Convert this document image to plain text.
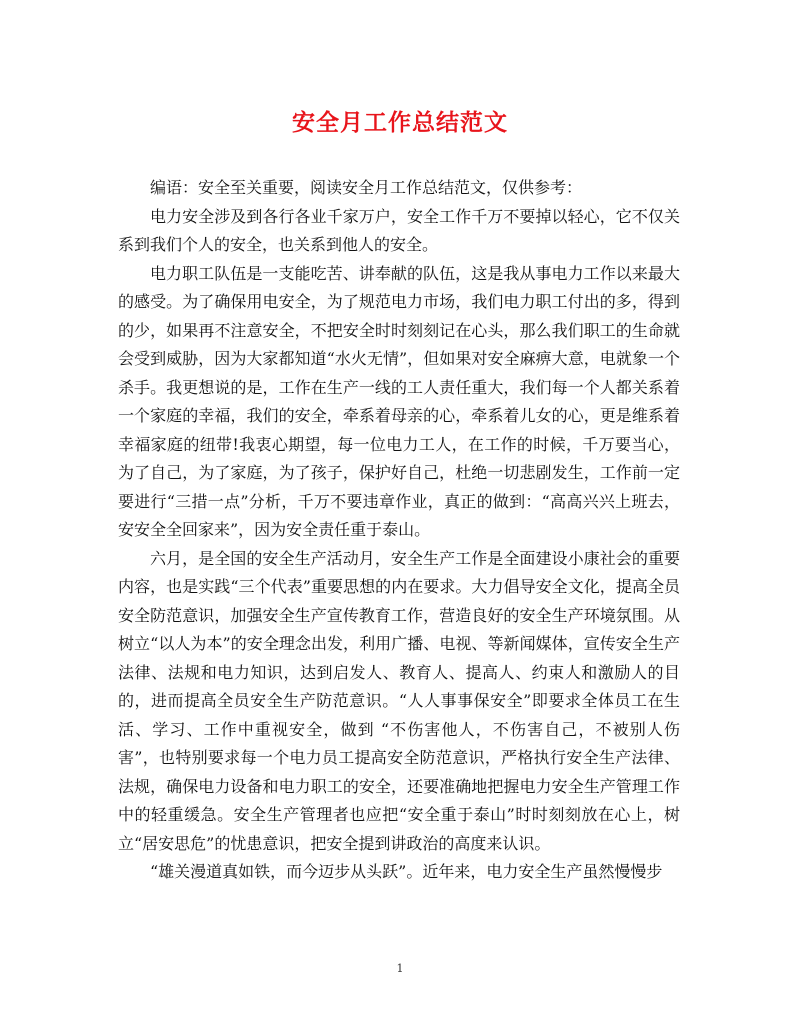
安全月工作总结范文

编语：安全至关重要，阅读安全月工作总结范文，仅供参考：

电力安全涉及到各行各业千家万户，安全工作千万不要掉以轻心，它不仅关系到我们个人的安全，也关系到他人的安全。

电力职工队伍是一支能吃苦、讲奉献的队伍，这是我从事电力工作以来最大的感受。为了确保用电安全，为了规范电力市场，我们电力职工付出的多，得到的少，如果再不注意安全，不把安全时时刻刻记在心头，那么我们职工的生命就会受到威胁，因为大家都知道“水火无情”，但如果对安全麻痹大意，电就象一个杀手。我更想说的是，工作在生产一线的工人责任重大，我们每一个人都关系着一个家庭的幸福，我们的安全，牵系着母亲的心，牵系着儿女的心，更是维系着幸福家庭的纽带!我衷心期望，每一位电力工人，在工作的时候，千万要当心，为了自己，为了家庭，为了孩子，保护好自己，杜绝一切悲剧发生，工作前一定要进行“三措一点”分析，千万不要违章作业，真正的做到：“高高兴兴上班去，安安全全回家来”，因为安全责任重于泰山。

六月，是全国的安全生产活动月，安全生产工作是全面建设小康社会的重要内容，也是实践“三个代表”重要思想的内在要求。大力倡导安全文化，提高全员安全防范意识，加强安全生产宣传教育工作，营造良好的安全生产环境氛围。从树立“以人为本”的安全理念出发，利用广播、电视、等新闻媒体，宣传安全生产法律、法规和电力知识，达到启发人、教育人、提高人、约束人和激励人的目的，进而提高全员安全生产防范意识。“人人事事保安全”即要求全体员工在生活、学习、工作中重视安全，做到 “不伤害他人，不伤害自己，不被别人伤害”，也特别要求每一个电力员工提高安全防范意识，严格执行安全生产法律、法规，确保电力设备和电力职工的安全，还要准确地把握电力安全生产管理工作中的轻重缓急。安全生产管理者也应把“安全重于泰山”时时刻刻放在心上，树立“居安思危”的忧患意识，把安全提到讲政治的高度来认识。

“雄关漫道真如铁，而今迈步从头跃”。近年来，电力安全生产虽然慢慢步

1
